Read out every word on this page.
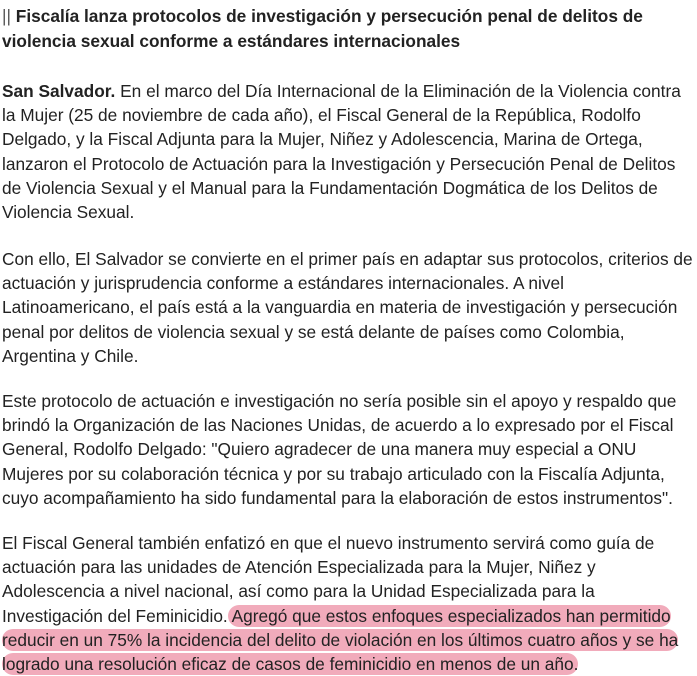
|| Fiscalía lanza protocolos de investigación y persecución penal de delitos de violencia sexual conforme a estándares internacionales

San Salvador. En el marco del Día Internacional de la Eliminación de la Violencia contra la Mujer (25 de noviembre de cada año), el Fiscal General de la República, Rodolfo Delgado, y la Fiscal Adjunta para la Mujer, Niñez y Adolescencia, Marina de Ortega, lanzaron el Protocolo de Actuación para la Investigación y Persecución Penal de Delitos de Violencia Sexual y el Manual para la Fundamentación Dogmática de los Delitos de Violencia Sexual.

Con ello, El Salvador se convierte en el primer país en adaptar sus protocolos, criterios de actuación y jurisprudencia conforme a estándares internacionales. A nivel Latinoamericano, el país está a la vanguardia en materia de investigación y persecución penal por delitos de violencia sexual y se está delante de países como Colombia, Argentina y Chile.

Este protocolo de actuación e investigación no sería posible sin el apoyo y respaldo que brindó la Organización de las Naciones Unidas, de acuerdo a lo expresado por el Fiscal General, Rodolfo Delgado: "Quiero agradecer de una manera muy especial a ONU Mujeres por su colaboración técnica y por su trabajo articulado con la Fiscalía Adjunta, cuyo acompañamiento ha sido fundamental para la elaboración de estos instrumentos".

El Fiscal General también enfatizó en que el nuevo instrumento servirá como guía de actuación para las unidades de Atención Especializada para la Mujer, Niñez y Adolescencia a nivel nacional, así como para la Unidad Especializada para la Investigación del Feminicidio. Agregó que estos enfoques especializados han permitido reducir en un 75% la incidencia del delito de violación en los últimos cuatro años y se ha logrado una resolución eficaz de casos de feminicidio en menos de un año.
